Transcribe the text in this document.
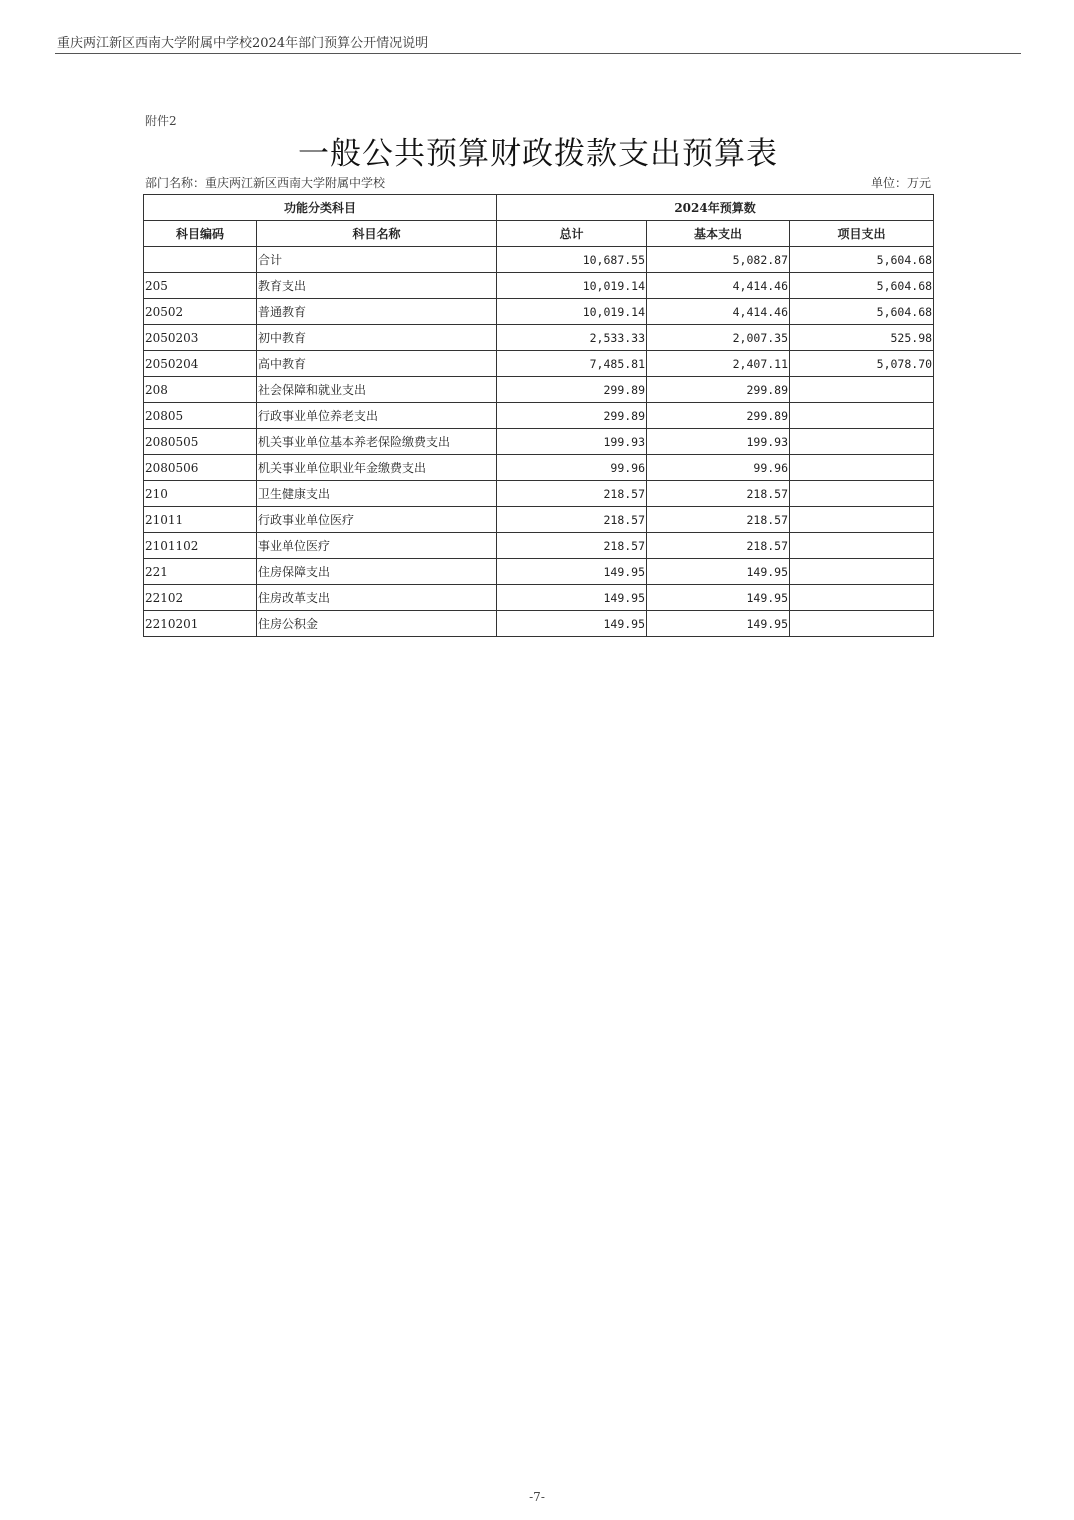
重庆两江新区西南大学附属中学校2024年部门预算公开情况说明
附件2
一般公共预算财政拨款支出预算表
部门名称：重庆两江新区西南大学附属中学校	单位：万元
功能分类科目		2024年预算数		
科目编码	科目名称	总计	基本支出	项目支出
	合计	10,687.55	5,082.87	5,604.68
205	教育支出	10,019.14	4,414.46	5,604.68
20502	普通教育	10,019.14	4,414.46	5,604.68
2050203	初中教育	2,533.33	2,007.35	525.98
2050204	高中教育	7,485.81	2,407.11	5,078.70
208	社会保障和就业支出	299.89	299.89	
20805	行政事业单位养老支出	299.89	299.89	
2080505	机关事业单位基本养老保险缴费支出	199.93	199.93	
2080506	机关事业单位职业年金缴费支出	99.96	99.96	
210	卫生健康支出	218.57	218.57	
21011	行政事业单位医疗	218.57	218.57	
2101102	事业单位医疗	218.57	218.57	
221	住房保障支出	149.95	149.95	
22102	住房改革支出	149.95	149.95	
2210201	住房公积金	149.95	149.95	
-7-
